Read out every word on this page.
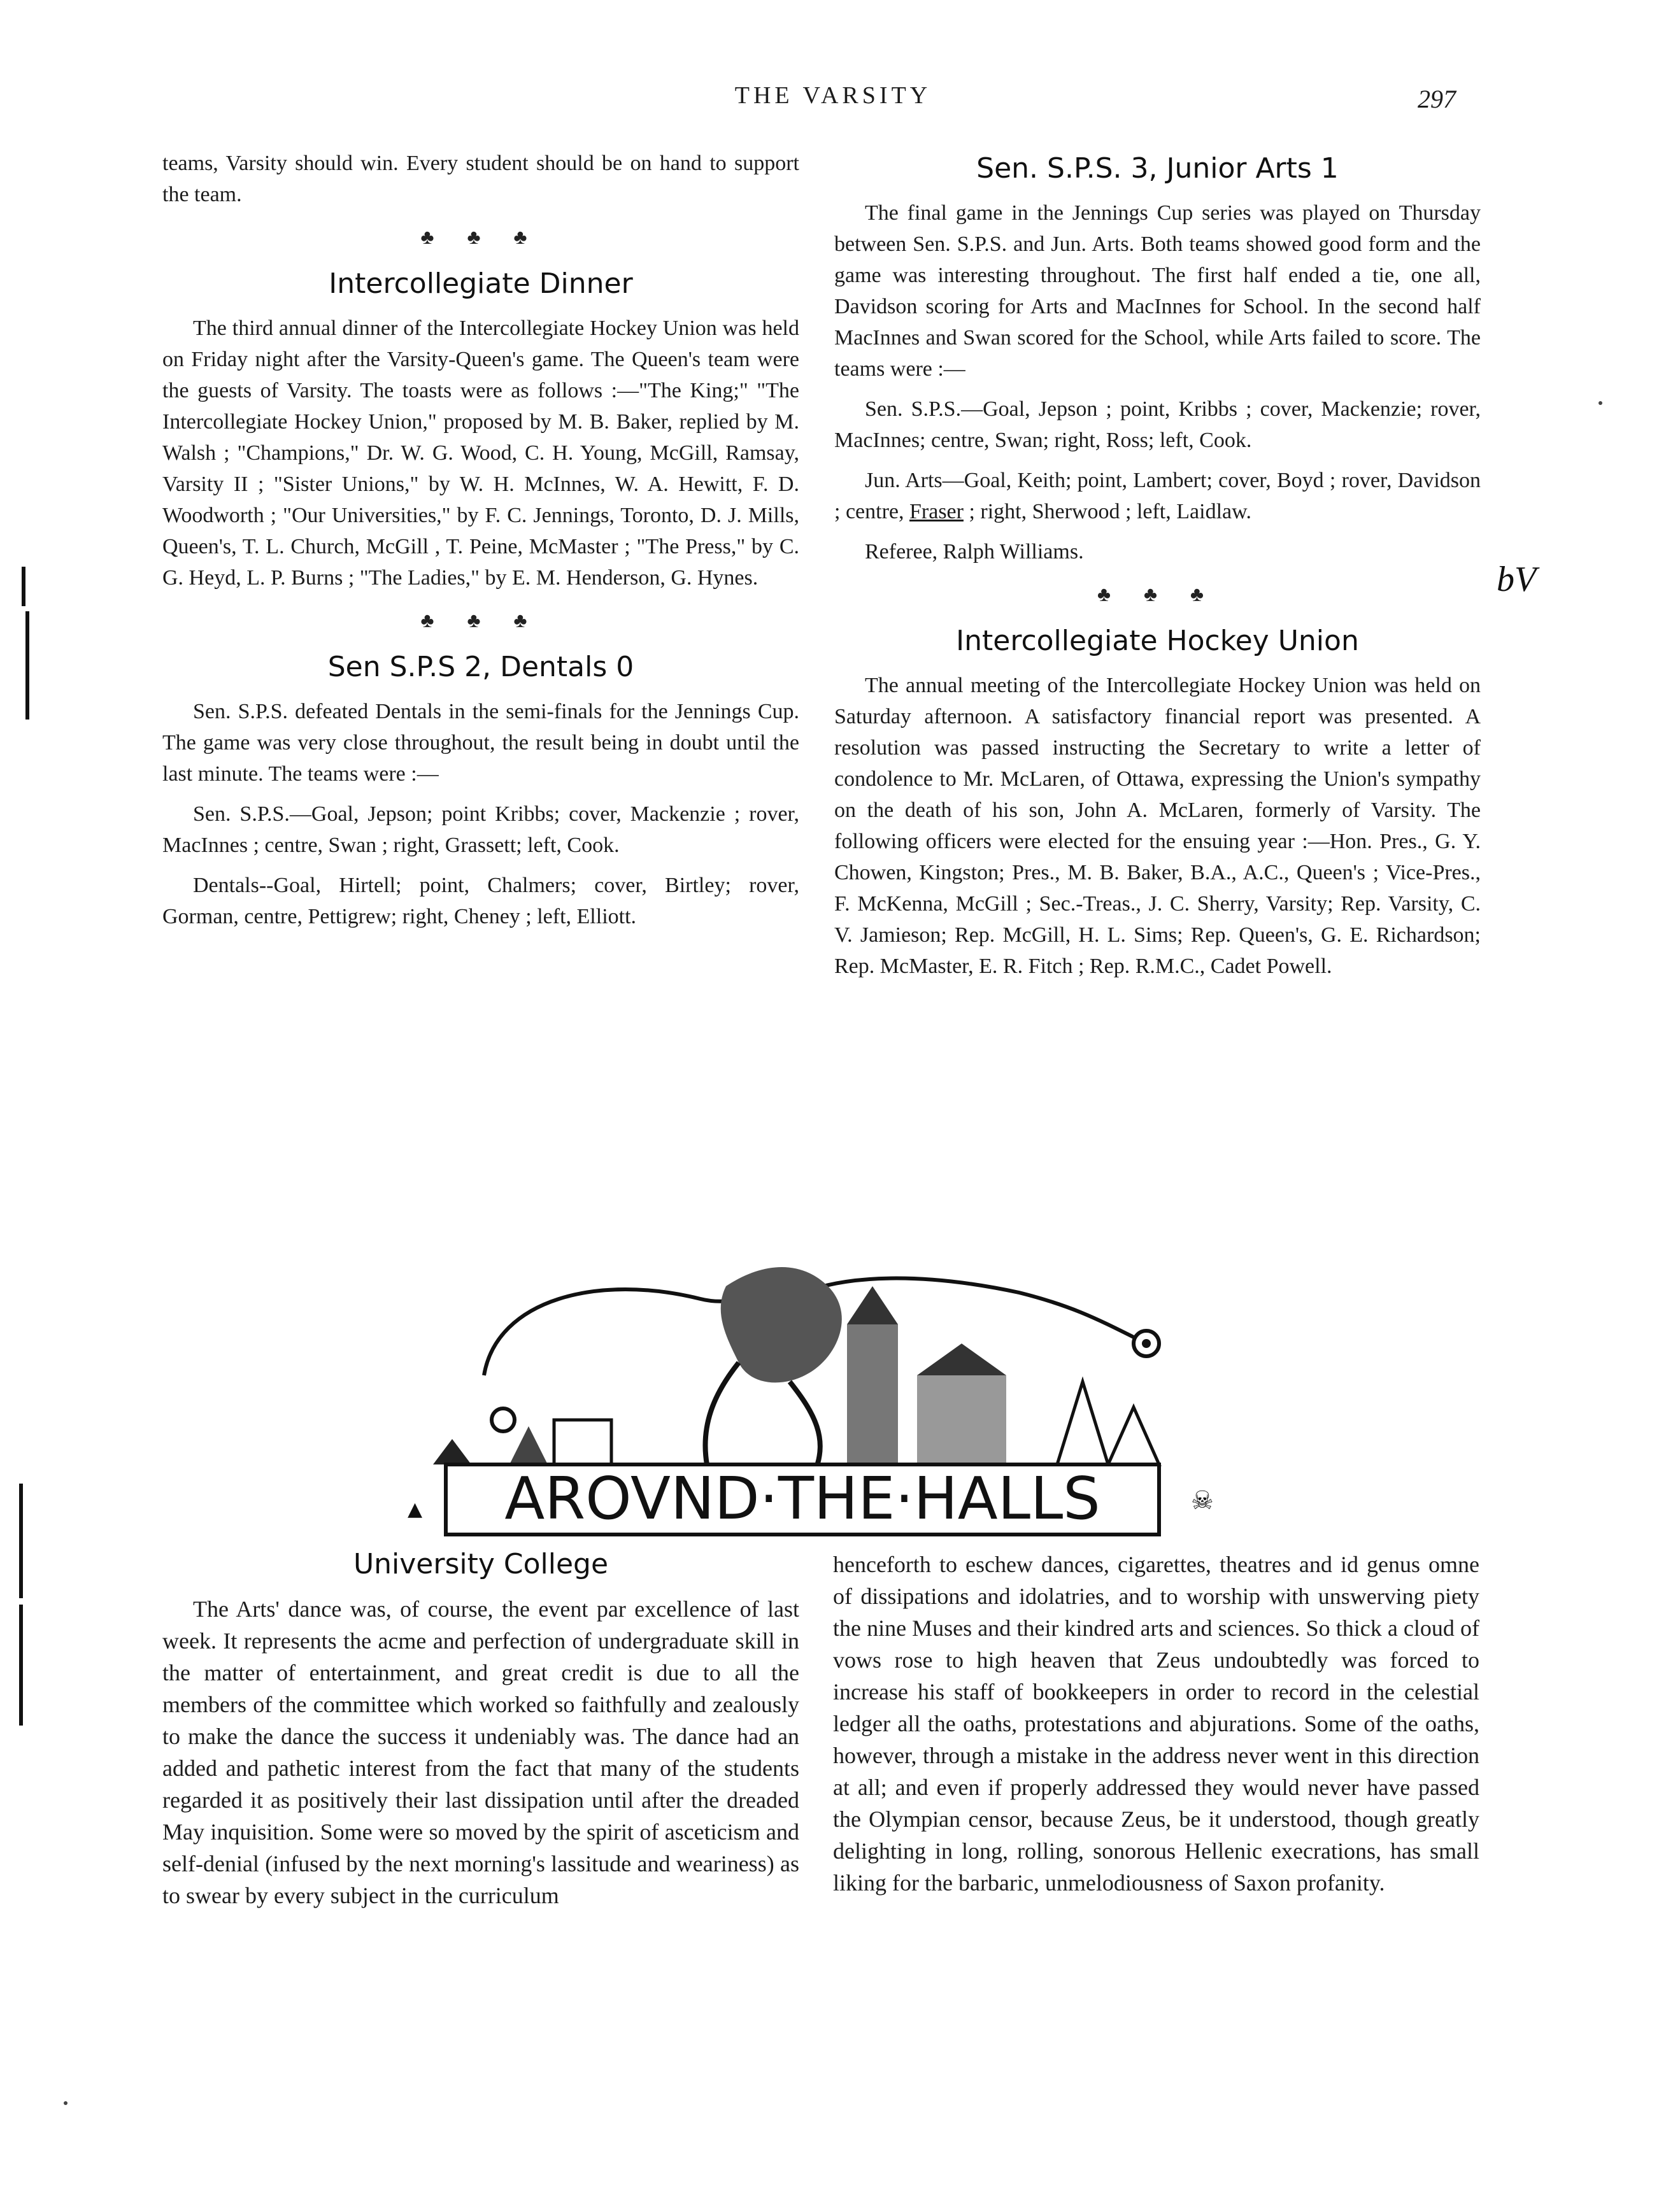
THE VARSITY	297

teams, Varsity should win. Every student should be on hand to support the team.

♣ ♣ ♣
Intercollegiate Dinner

The third annual dinner of the Intercollegiate Hockey Union was held on Friday night after the Varsity-Queen's game. The Queen's team were the guests of Varsity. The toasts were as follows :—"The King;" "The Intercollegiate Hockey Union," proposed by M. B. Baker, replied by M. Walsh ; "Champions," Dr. W. G. Wood, C. H. Young, McGill, Ramsay, Varsity II ; "Sister Unions," by W. H. McInnes, W. A. Hewitt, F. D. Woodworth ; "Our Universities," by F. C. Jennings, Toronto, D. J. Mills, Queen's, T. L. Church, McGill , T. Peine, McMaster ; "The Press," by C. G. Heyd, L. P. Burns ; "The Ladies," by E. M. Henderson, G. Hynes.

♣ ♣ ♣
Sen S.P.S 2, Dentals 0

Sen. S.P.S. defeated Dentals in the semi-finals for the Jennings Cup. The game was very close throughout, the result being in doubt until the last minute. The teams were :—

Sen. S.P.S.—Goal, Jepson; point Kribbs; cover, Mackenzie ; rover, MacInnes ; centre, Swan ; right, Grassett; left, Cook.

Dentals--Goal, Hirtell; point, Chalmers; cover, Birtley; rover, Gorman, centre, Pettigrew; right, Cheney ; left, Elliott.

Sen. S.P.S. 3, Junior Arts 1

The final game in the Jennings Cup series was played on Thursday between Sen. S.P.S. and Jun. Arts. Both teams showed good form and the game was interesting throughout. The first half ended a tie, one all, Davidson scoring for Arts and MacInnes for School. In the second half MacInnes and Swan scored for the School, while Arts failed to score. The teams were :—

Sen. S.P.S.—Goal, Jepson ; point, Kribbs ; cover, Mackenzie; rover, MacInnes; centre, Swan; right, Ross; left, Cook.

Jun. Arts—Goal, Keith; point, Lambert; cover, Boyd ; rover, Davidson ; centre, Fraser ; right, Sherwood ; left, Laidlaw.

Referee, Ralph Williams.

♣ ♣ ♣
Intercollegiate Hockey Union

The annual meeting of the Intercollegiate Hockey Union was held on Saturday afternoon. A satisfactory financial report was presented. A resolution was passed instructing the Secretary to write a letter of condolence to Mr. McLaren, of Ottawa, expressing the Union's sympathy on the death of his son, John A. McLaren, formerly of Varsity. The following officers were elected for the ensuing year :—Hon. Pres., G. Y. Chowen, Kingston; Pres., M. B. Baker, B.A., A.C., Queen's ; Vice-Pres., F. McKenna, McGill ; Sec.-Treas., J. C. Sherry, Varsity; Rep. Varsity, C. V. Jamieson; Rep. McGill, H. L. Sims; Rep. Queen's, G. E. Richardson; Rep. McMaster, E. R. Fitch ; Rep. R.M.C., Cadet Powell.

bV
AROVND·THE·HALLS	☠
▲
University College

The Arts' dance was, of course, the event par excellence of last week. It represents the acme and perfection of undergraduate skill in the matter of entertainment, and great credit is due to all the members of the committee which worked so faithfully and zealously to make the dance the success it undeniably was. The dance had an added and pathetic interest from the fact that many of the students regarded it as positively their last dissipation until after the dreaded May inquisition. Some were so moved by the spirit of asceticism and self-denial (infused by the next morning's lassitude and weariness) as to swear by every subject in the curriculum

henceforth to eschew dances, cigarettes, theatres and id genus omne of dissipations and idolatries, and to worship with unswerving piety the nine Muses and their kindred arts and sciences. So thick a cloud of vows rose to high heaven that Zeus undoubtedly was forced to increase his staff of bookkeepers in order to record in the celestial ledger all the oaths, protestations and abjurations. Some of the oaths, however, through a mistake in the address never went in this direction at all; and even if properly addressed they would never have passed the Olympian censor, because Zeus, be it understood, though greatly delighting in long, rolling, sonorous Hellenic execrations, has small liking for the barbaric, unmelodiousness of Saxon profanity.
